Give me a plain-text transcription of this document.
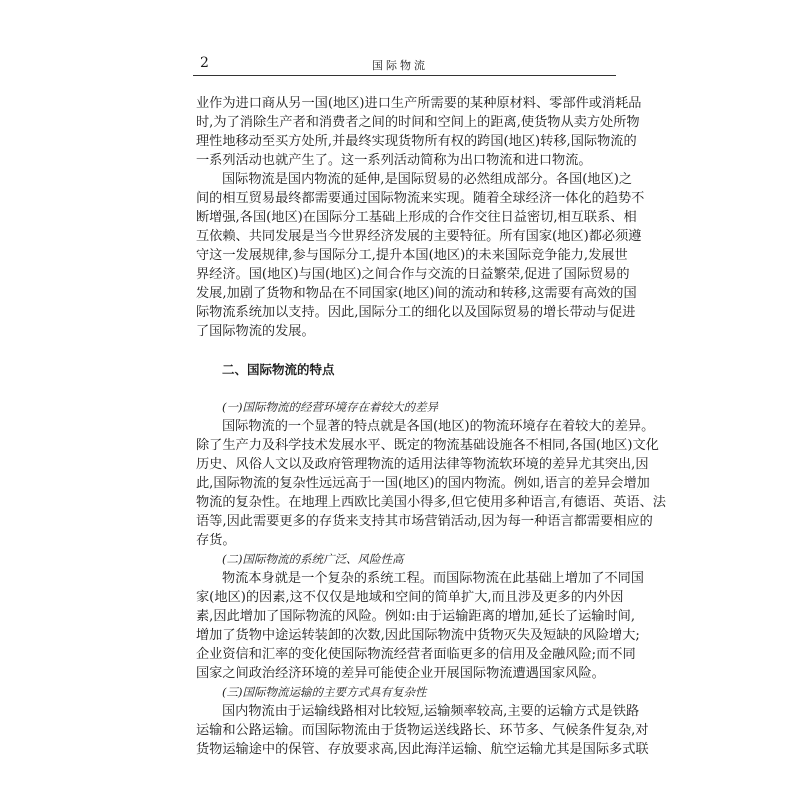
2	国际物流
业作为进口商从另一国(地区)进口生产所需要的某种原材料、零部件或消耗品
时,为了消除生产者和消费者之间的时间和空间上的距离,使货物从卖方处所物
理性地移动至买方处所,并最终实现货物所有权的跨国(地区)转移,国际物流的
一系列活动也就产生了。这一系列活动简称为出口物流和进口物流。
国际物流是国内物流的延伸,是国际贸易的必然组成部分。各国(地区)之
间的相互贸易最终都需要通过国际物流来实现。随着全球经济一体化的趋势不
断增强,各国(地区)在国际分工基础上形成的合作交往日益密切,相互联系、相
互依赖、共同发展是当今世界经济发展的主要特征。所有国家(地区)都必须遵
守这一发展规律,参与国际分工,提升本国(地区)的未来国际竞争能力,发展世
界经济。国(地区)与国(地区)之间合作与交流的日益繁荣,促进了国际贸易的
发展,加剧了货物和物品在不同国家(地区)间的流动和转移,这需要有高效的国
际物流系统加以支持。因此,国际分工的细化以及国际贸易的增长带动与促进
了国际物流的发展。
二、国际物流的特点
(一)国际物流的经营环境存在着较大的差异
国际物流的一个显著的特点就是各国(地区)的物流环境存在着较大的差异。
除了生产力及科学技术发展水平、既定的物流基础设施各不相同,各国(地区)文化
历史、风俗人文以及政府管理物流的适用法律等物流软环境的差异尤其突出,因
此,国际物流的复杂性远远高于一国(地区)的国内物流。例如,语言的差异会增加
物流的复杂性。在地理上西欧比美国小得多,但它使用多种语言,有德语、英语、法
语等,因此需要更多的存货来支持其市场营销活动,因为每一种语言都需要相应的
存货。
(二)国际物流的系统广泛、风险性高
物流本身就是一个复杂的系统工程。而国际物流在此基础上增加了不同国
家(地区)的因素,这不仅仅是地域和空间的简单扩大,而且涉及更多的内外因
素,因此增加了国际物流的风险。例如:由于运输距离的增加,延长了运输时间,
增加了货物中途运转装卸的次数,因此国际物流中货物灭失及短缺的风险增大;
企业资信和汇率的变化使国际物流经营者面临更多的信用及金融风险;而不同
国家之间政治经济环境的差异可能使企业开展国际物流遭遇国家风险。
(三)国际物流运输的主要方式具有复杂性
国内物流由于运输线路相对比较短,运输频率较高,主要的运输方式是铁路
运输和公路运输。而国际物流由于货物运送线路长、环节多、气候条件复杂,对
货物运输途中的保管、存放要求高,因此海洋运输、航空运输尤其是国际多式联
